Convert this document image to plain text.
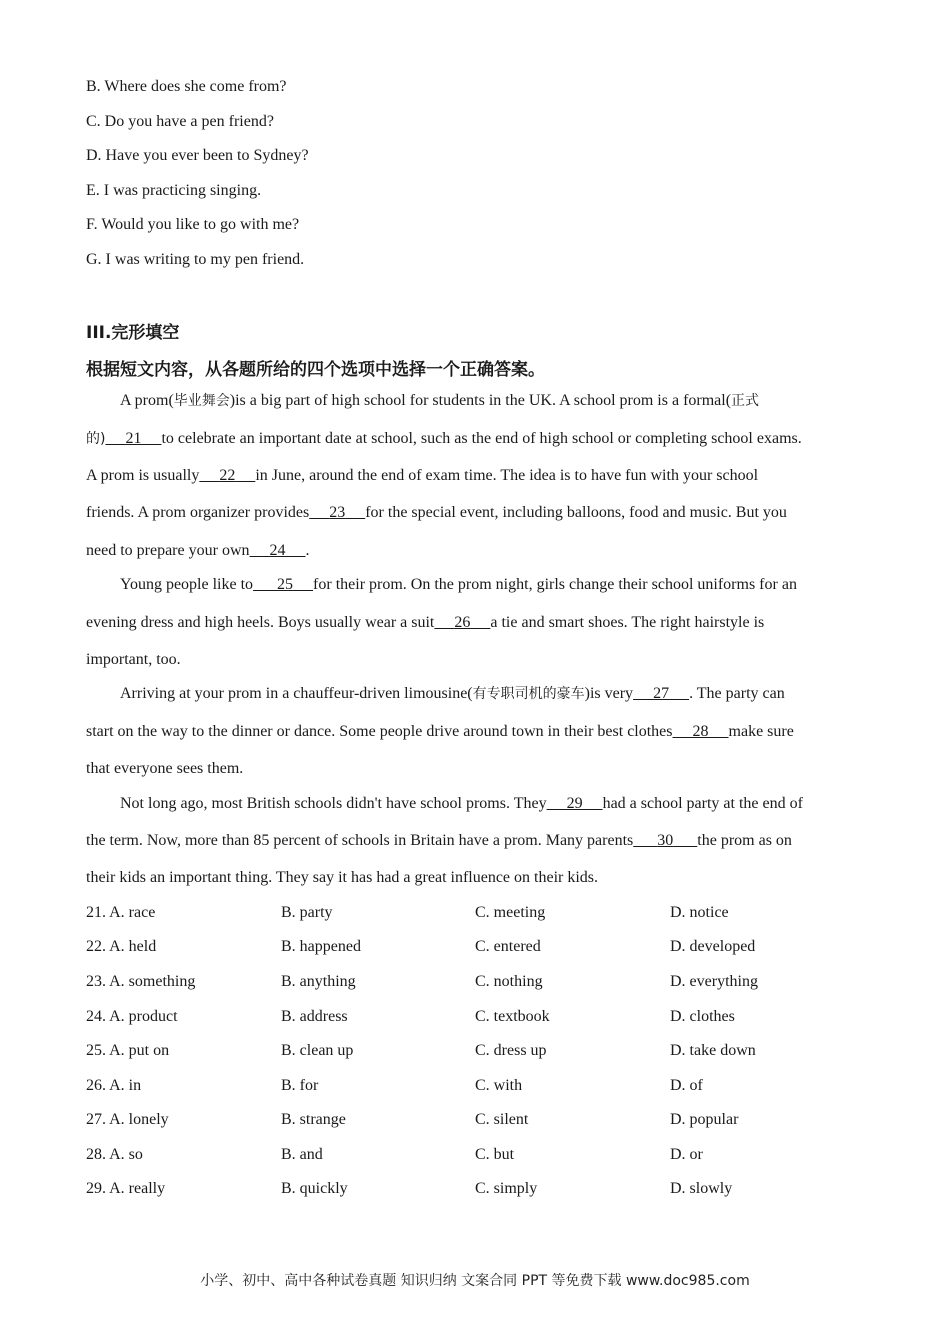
B. Where does she come from?
C. Do you have a pen friend?
D. Have you ever been to Sydney?
E. I was practicing singing.
F. Would you like to go with me?
G. I was writing to my pen friend.
III.完形填空
根据短文内容，从各题所给的四个选项中选择一个正确答案。
A prom(毕业舞会)is a big part of high school for students in the UK. A school prom is a formal(正式
的) 21 to celebrate an important date at school, such as the end of high school or completing school exams.
A prom is usually 22 in June, around the end of exam time. The idea is to have fun with your school
friends. A prom organizer provides 23 for the special event, including balloons, food and music. But you
need to prepare your own 24 .
Young people like to 25 for their prom. On the prom night, girls change their school uniforms for an
evening dress and high heels. Boys usually wear a suit 26 a tie and smart shoes. The right hairstyle is
important, too.
Arriving at your prom in a chauffeur-driven limousine(有专职司机的豪车)is very 27 . The party can
start on the way to the dinner or dance. Some people drive around town in their best clothes 28 make sure
that everyone sees them.
Not long ago, most British schools didn't have school proms. They 29 had a school party at the end of
the term. Now, more than 85 percent of schools in Britain have a prom. Many parents 30 the prom as on
their kids an important thing. They say it has had a great influence on their kids.
21. A. race	B. party	C. meeting	D. notice
22. A. held	B. happened	C. entered	D. developed
23. A. something	B. anything	C. nothing	D. everything
24. A. product	B. address	C. textbook	D. clothes
25. A. put on	B. clean up	C. dress up	D. take down
26. A. in	B. for	C. with	D. of
27. A. lonely	B. strange	C. silent	D. popular
28. A. so	B. and	C. but	D. or
29. A. really	B. quickly	C. simply	D. slowly
小学、初中、高中各种试卷真题 知识归纳 文案合同 PPT 等免费下载 www.doc985.com
